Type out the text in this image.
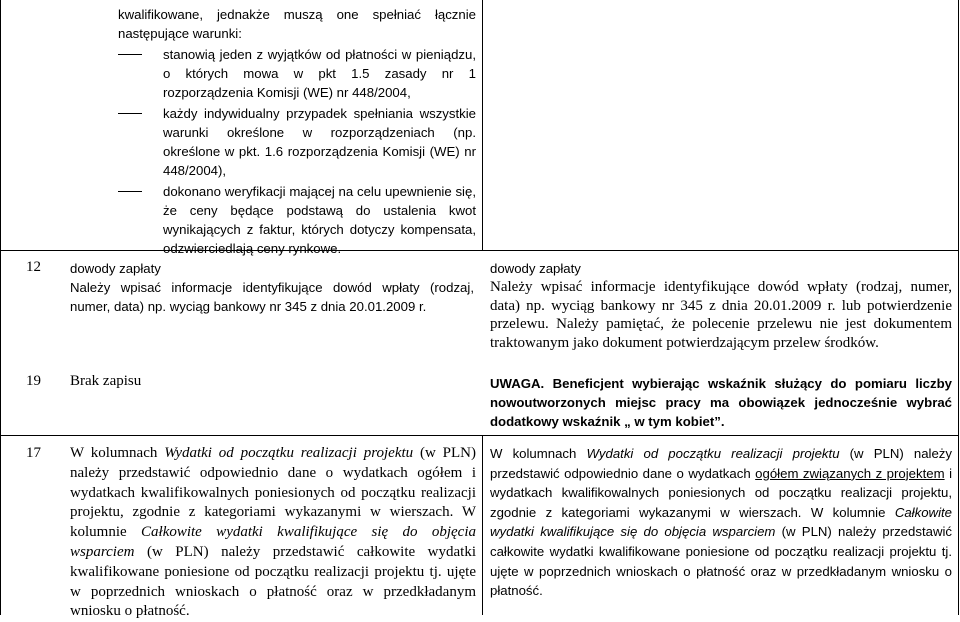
kwalifikowane, jednakże muszą one spełniać łącznie następujące warunki:

stanowią jeden z wyjątków od płatności w pieniądzu, o których mowa w pkt 1.5 zasady nr 1 rozporządzenia Komisji (WE) nr 448/2004,

każdy indywidualny przypadek spełniania wszystkie warunki określone w rozporządzeniach (np. określone w pkt. 1.6 rozporządzenia Komisji (WE) nr 448/2004),

dokonano weryfikacji mającej na celu upewnienie się, że ceny będące podstawą do ustalenia kwot wynikających z faktur, których dotyczy kompensata, odzwierciedlają ceny rynkowe.

12 dowody zapłaty

Należy wpisać informacje identyfikujące dowód wpłaty (rodzaj, numer, data) np. wyciąg bankowy nr 345 z dnia 20.01.2009 r.

dowody zapłaty

Należy wpisać informacje identyfikujące dowód wpłaty (rodzaj, numer, data) np. wyciąg bankowy nr 345 z dnia 20.01.2009 r. lub potwierdzenie przelewu. Należy pamiętać, że polecenie przelewu nie jest dokumentem traktowanym jako dokument potwierdzającym przelew środków.

19 Brak zapisu	UWAGA. Beneficjent wybierając wskaźnik służący do pomiaru liczby nowoutworzonych miejsc pracy ma obowiązek jednocześnie wybrać dodatkowy wskaźnik „ w tym kobiet”.
17 W kolumnach Wydatki od początku realizacji projektu (w PLN) należy przedstawić odpowiednio dane o wydatkach ogółem i wydatkach kwalifikowalnych poniesionych od początku realizacji projektu, zgodnie z kategoriami wykazanymi w wierszach. W kolumnie Całkowite wydatki kwalifikujące się do objęcia wsparciem (w PLN) należy przedstawić całkowite wydatki kwalifikowane poniesione od początku realizacji projektu tj. ujęte w poprzednich wnioskach o płatność oraz w przedkładanym wniosku o płatność.
W kolumnach Wydatki od początku realizacji projektu (w PLN) należy przedstawić odpowiednio dane o wydatkach ogółem związanych z projektem i wydatkach kwalifikowalnych poniesionych od początku realizacji projektu, zgodnie z kategoriami wykazanymi w wierszach. W kolumnie Całkowite wydatki kwalifikujące się do objęcia wsparciem (w PLN) należy przedstawić całkowite wydatki kwalifikowane poniesione od początku realizacji projektu tj. ujęte w poprzednich wnioskach o płatność oraz w przedkładanym wniosku o płatność.
